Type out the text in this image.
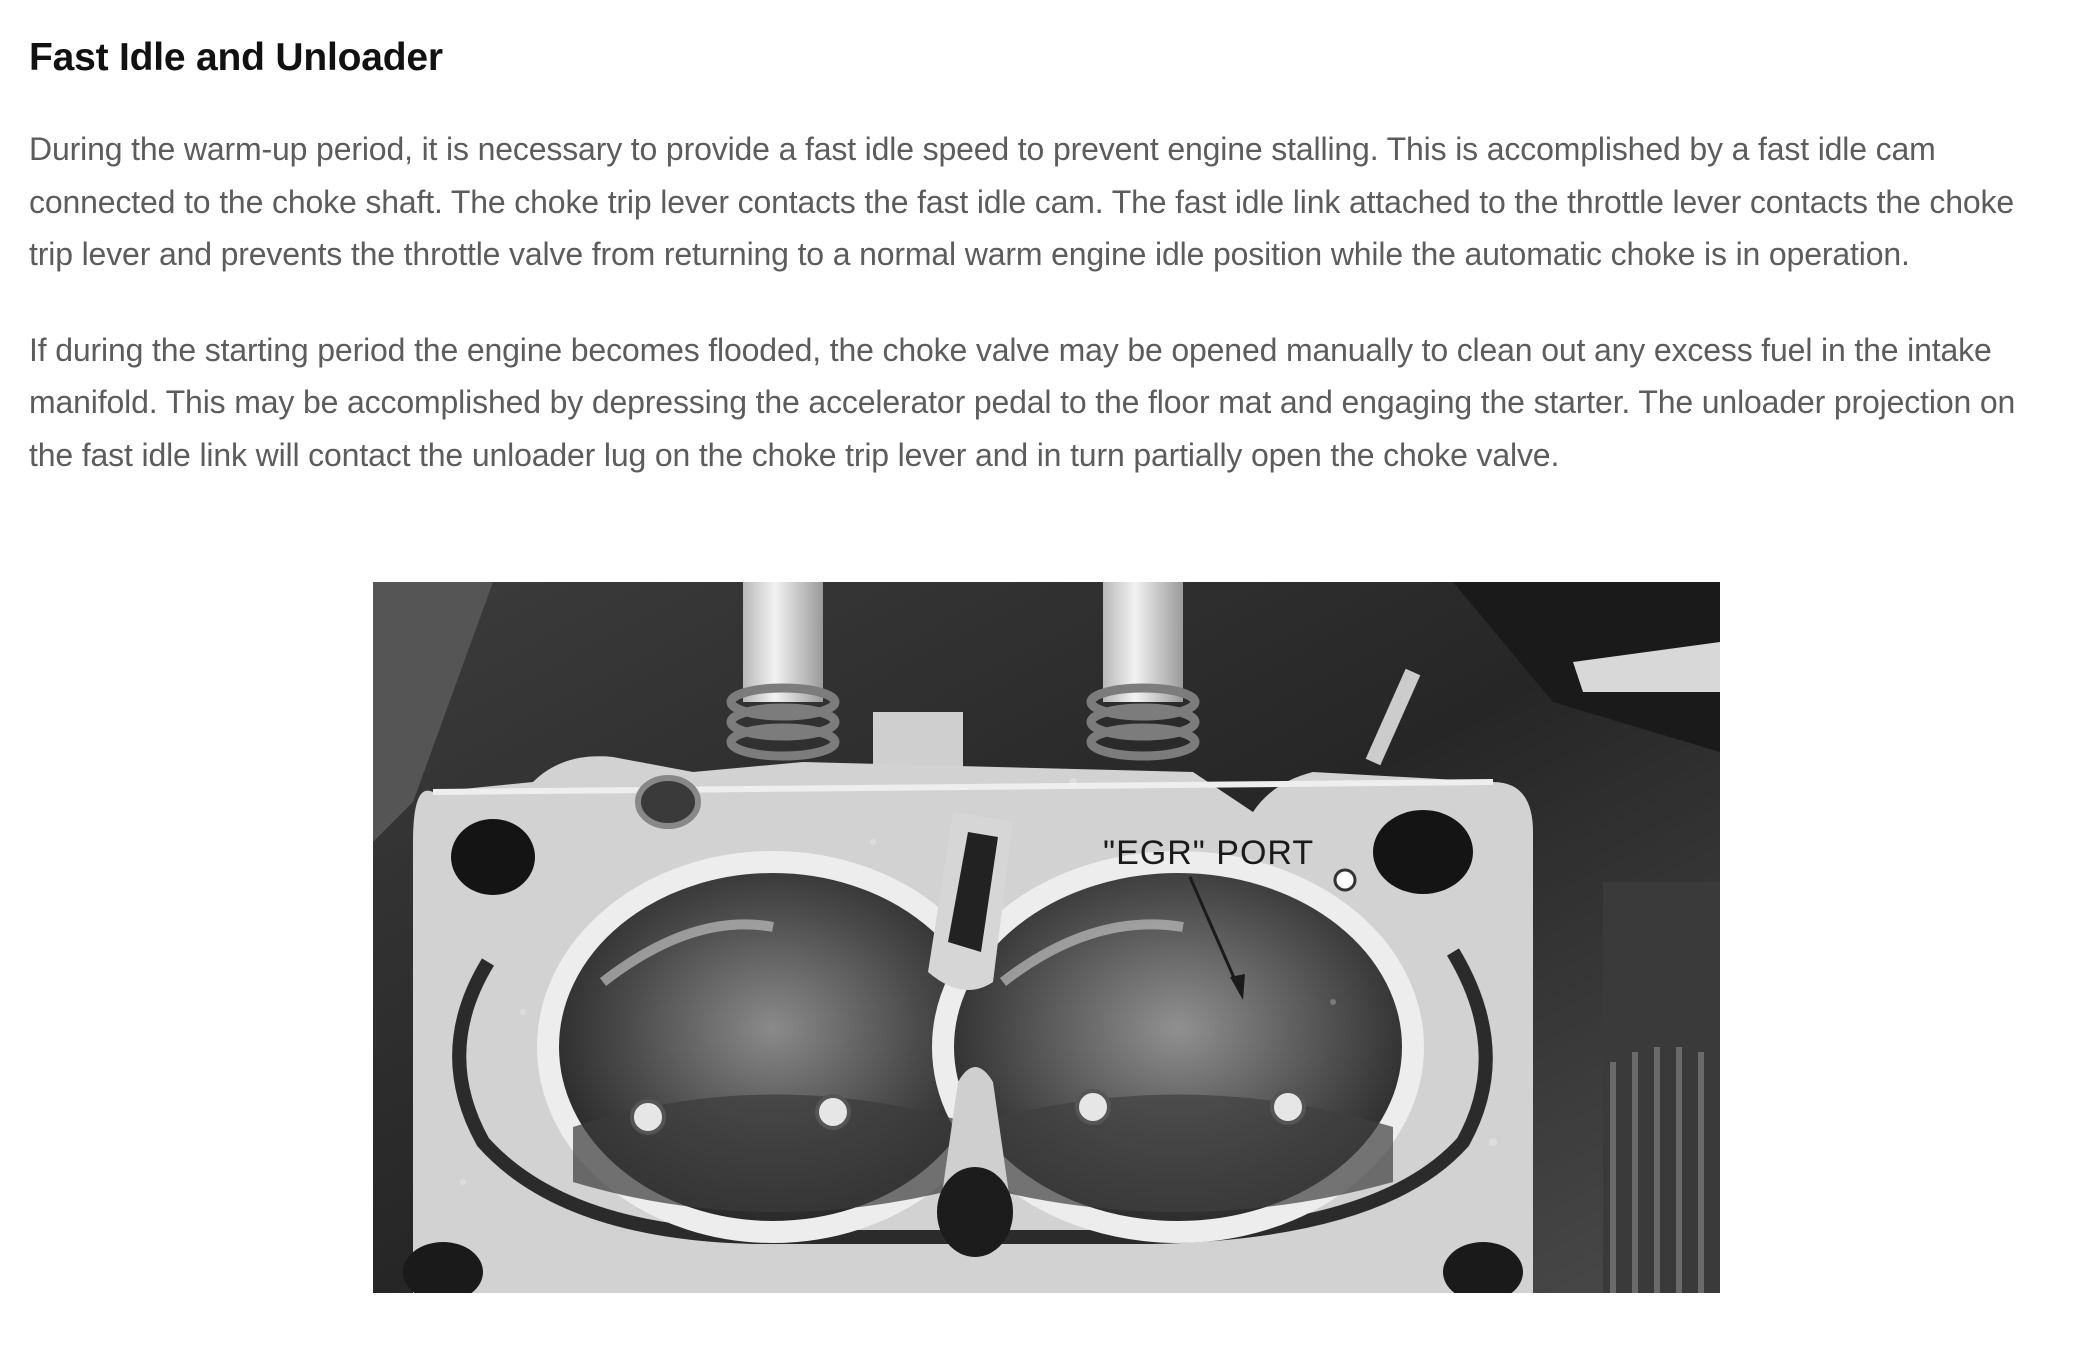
Fast Idle and Unloader

During the warm-up period, it is necessary to provide a fast idle speed to prevent engine stalling. This is accomplished by a fast idle cam connected to the choke shaft. The choke trip lever contacts the fast idle cam. The fast idle link attached to the throttle lever contacts the choke trip lever and prevents the throttle valve from returning to a normal warm engine idle position while the automatic choke is in operation.

If during the starting period the engine becomes flooded, the choke valve may be opened manually to clean out any excess fuel in the intake manifold. This may be accomplished by depressing the accelerator pedal to the floor mat and engaging the starter. The unloader projection on the fast idle link will contact the unloader lug on the choke trip lever and in turn partially open the choke valve.

"EGR" PORT
